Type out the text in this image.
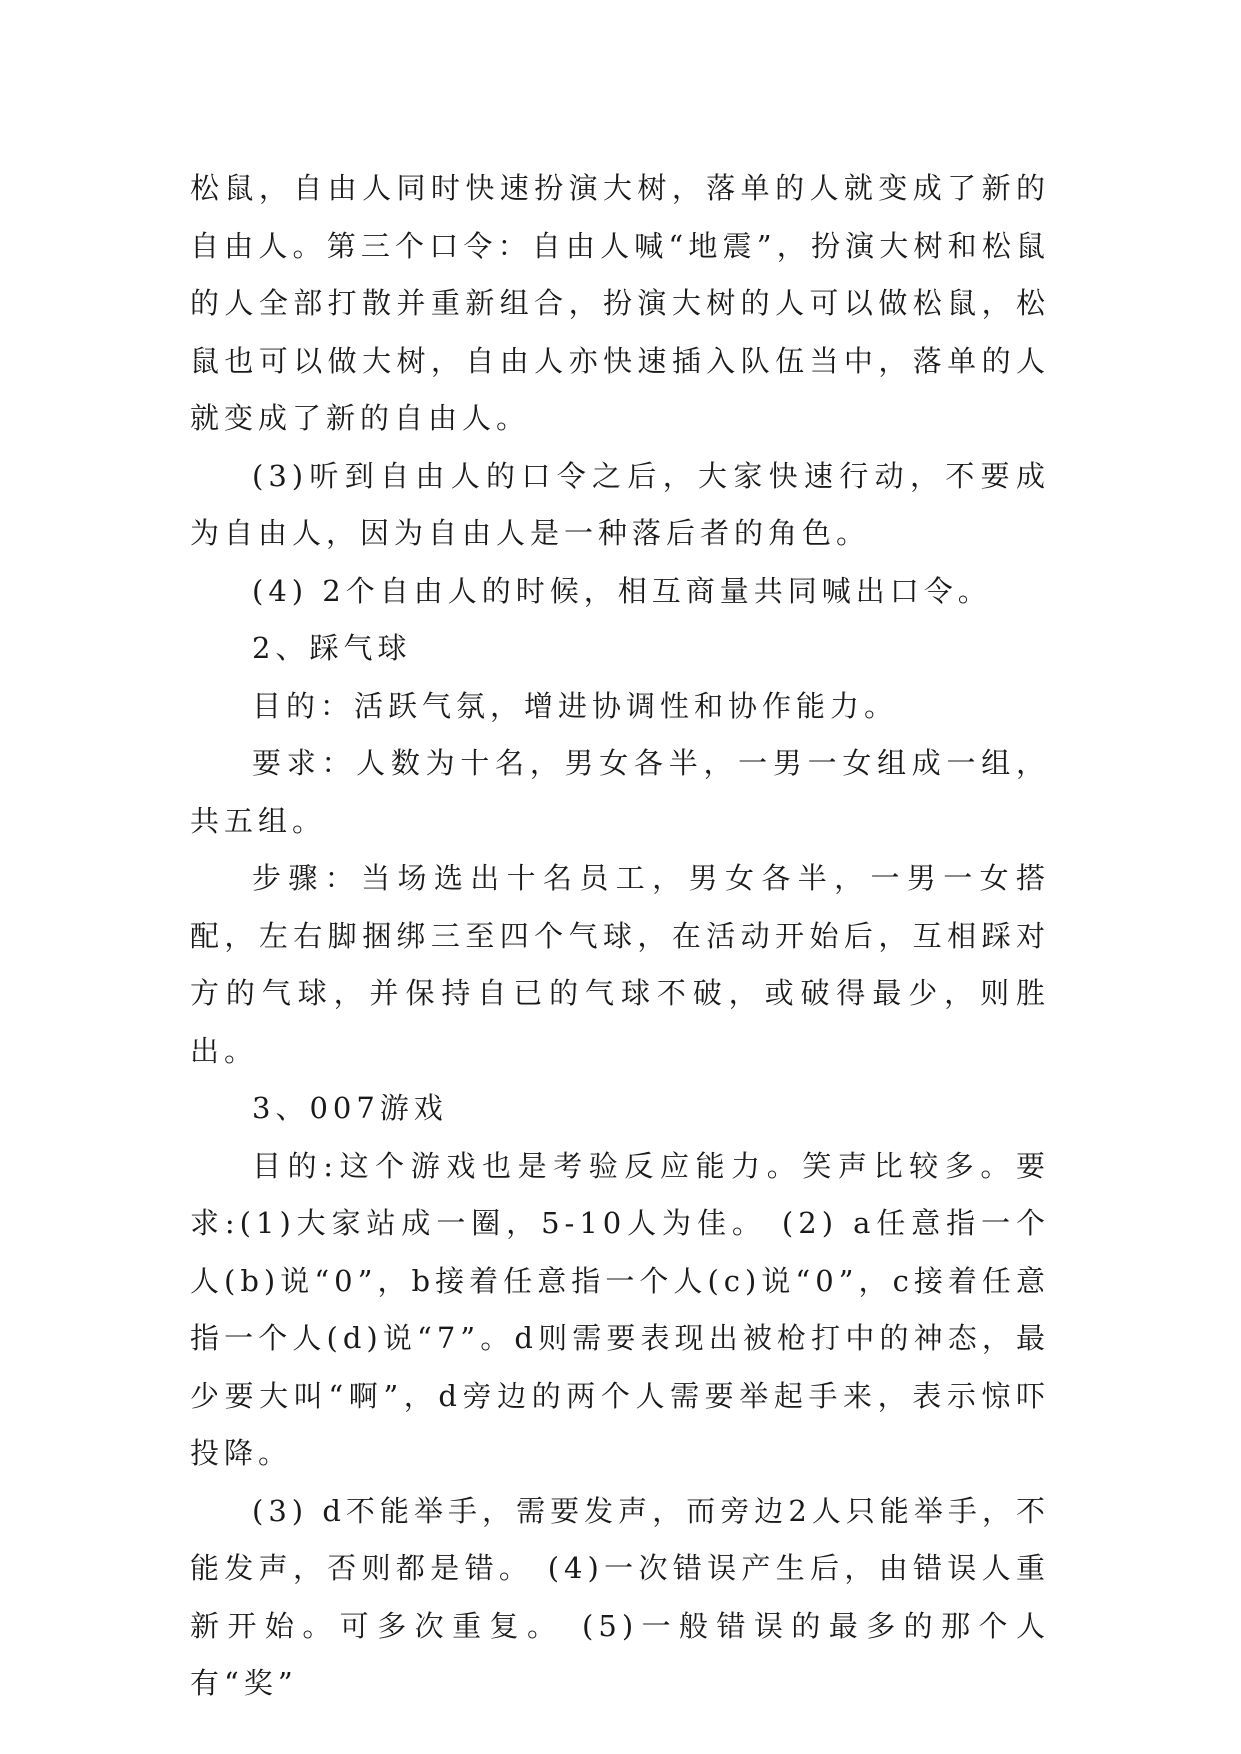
松鼠，自由人同时快速扮演大树，落单的人就变成了新的自由人。第三个口令：自由人喊“地震”，扮演大树和松鼠的人全部打散并重新组合，扮演大树的人可以做松鼠，松鼠也可以做大树，自由人亦快速插入队伍当中，落单的人就变成了新的自由人。

(3)听到自由人的口令之后，大家快速行动，不要成为自由人，因为自由人是一种落后者的角色。

(4) 2个自由人的时候，相互商量共同喊出口令。

2、踩气球

目的：活跃气氛，增进协调性和协作能力。

要求：人数为十名，男女各半，一男一女组成一组，共五组。

步骤：当场选出十名员工，男女各半，一男一女搭配，左右脚捆绑三至四个气球，在活动开始后，互相踩对方的气球，并保持自已的气球不破，或破得最少，则胜出。

3、007游戏

目的:这个游戏也是考验反应能力。笑声比较多。要求:(1)大家站成一圈，5-10人为佳。 (2) a任意指一个人(b)说“0”，b接着任意指一个人(c)说“0”，c接着任意指一个人(d)说“7”。d则需要表现出被枪打中的神态，最少要大叫“啊”，d旁边的两个人需要举起手来，表示惊吓投降。

(3) d不能举手，需要发声，而旁边2人只能举手，不能发声，否则都是错。 (4)一次错误产生后，由错误人重新开始。可多次重复。 (5)一般错误的最多的那个人有“奖”
